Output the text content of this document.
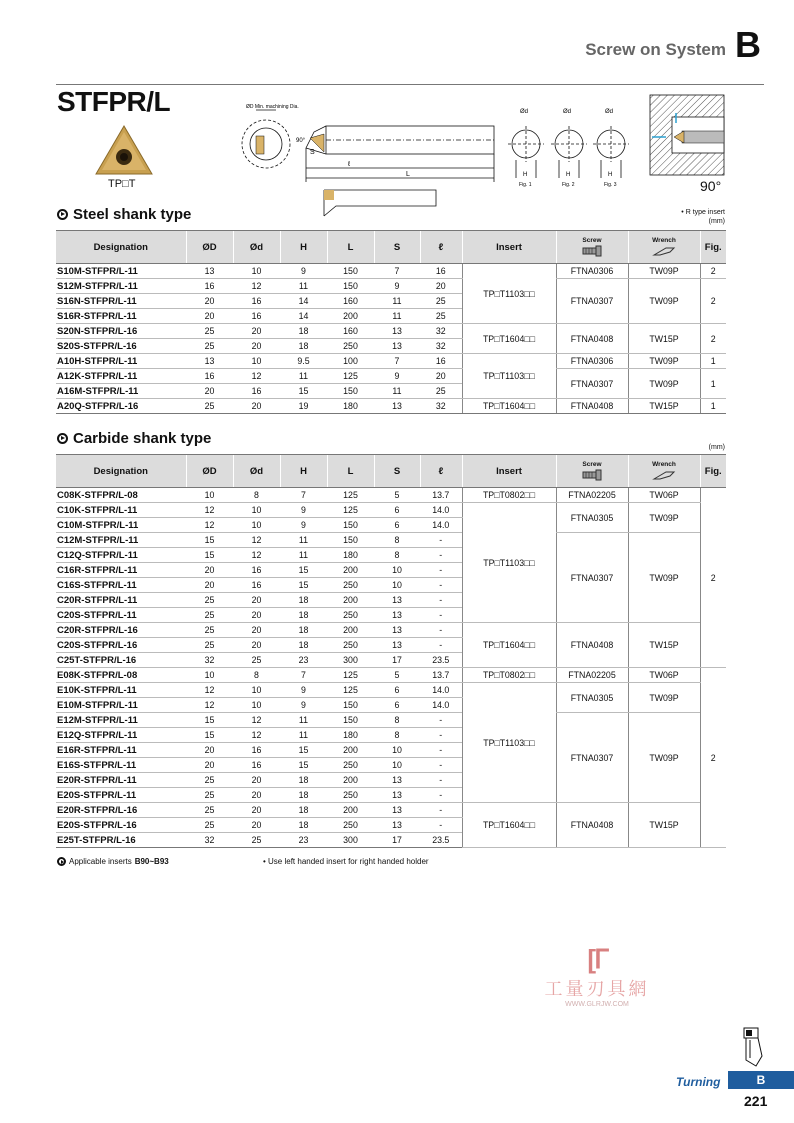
Screw on System B
STFPR/L
TP□T
ØD Min. machining Dia.
90°
S
ℓ
L
Ød	Ød	Ød
H	H	H
Fig. 1	Fig. 2	Fig. 3	90°
Steel shank type	• R type insert
(mm)
Designation	ØD	Ød	H	L	S	ℓ	Insert	Screw	Wrench	Fig.
S10M-STFPR/L-11	13	10	9	150	7	16	TP□T1103□□	FTNA0306	TW09P	2
S12M-STFPR/L-11	16	12	11	150	9	20		FTNA0307	TW09P	2
S16N-STFPR/L-11	20	16	14	160	11	25				
S16R-STFPR/L-11	20	16	14	200	11	25				
S20N-STFPR/L-16	25	20	18	160	13	32	TP□T1604□□	FTNA0408	TW15P	2
S20S-STFPR/L-16	25	20	18	250	13	32				
A10H-STFPR/L-11	13	10	9.5	100	7	16	TP□T1103□□	FTNA0306	TW09P	1
A12K-STFPR/L-11	16	12	11	125	9	20		FTNA0307	TW09P	1
A16M-STFPR/L-11	20	16	15	150	11	25				
A20Q-STFPR/L-16	25	20	19	180	13	32	TP□T1604□□	FTNA0408	TW15P	1
Carbide shank type
(mm)
Designation	ØD	Ød	H	L	S	ℓ	Insert	Screw	Wrench	Fig.
C08K-STFPR/L-08	10	8	7	125	5	13.7	TP□T0802□□	FTNA02205	TW06P	2
C10K-STFPR/L-11	12	10	9	125	6	14.0	TP□T1103□□	FTNA0305	TW09P	
C10M-STFPR/L-11	12	10	9	150	6	14.0				
C12M-STFPR/L-11	15	12	11	150	8	-		FTNA0307	TW09P	
C12Q-STFPR/L-11	15	12	11	180	8	-				
C16R-STFPR/L-11	20	16	15	200	10	-				
C16S-STFPR/L-11	20	16	15	250	10	-				
C20R-STFPR/L-11	25	20	18	200	13	-				
C20S-STFPR/L-11	25	20	18	250	13	-				
C20R-STFPR/L-16	25	20	18	200	13	-	TP□T1604□□	FTNA0408	TW15P	
C20S-STFPR/L-16	25	20	18	250	13	-				
C25T-STFPR/L-16	32	25	23	300	17	23.5				
E08K-STFPR/L-08	10	8	7	125	5	13.7	TP□T0802□□	FTNA02205	TW06P	2
E10K-STFPR/L-11	12	10	9	125	6	14.0	TP□T1103□□	FTNA0305	TW09P	
E10M-STFPR/L-11	12	10	9	150	6	14.0				
E12M-STFPR/L-11	15	12	11	150	8	-		FTNA0307	TW09P	
E12Q-STFPR/L-11	15	12	11	180	8	-				
E16R-STFPR/L-11	20	16	15	200	10	-				
E16S-STFPR/L-11	20	16	15	250	10	-				
E20R-STFPR/L-11	25	20	18	200	13	-				
E20S-STFPR/L-11	25	20	18	250	13	-				
E20R-STFPR/L-16	25	20	18	200	13	-	TP□T1604□□	FTNA0408	TW15P	
E20S-STFPR/L-16	25	20	18	250	13	-				
E25T-STFPR/L-16	32	25	23	300	17	23.5				
Applicable inserts B90~B93	• Use left handed insert for right handed holder
[ᒥ
工量刃具網
WWW.GLRJW.COM
Turning	B
221
